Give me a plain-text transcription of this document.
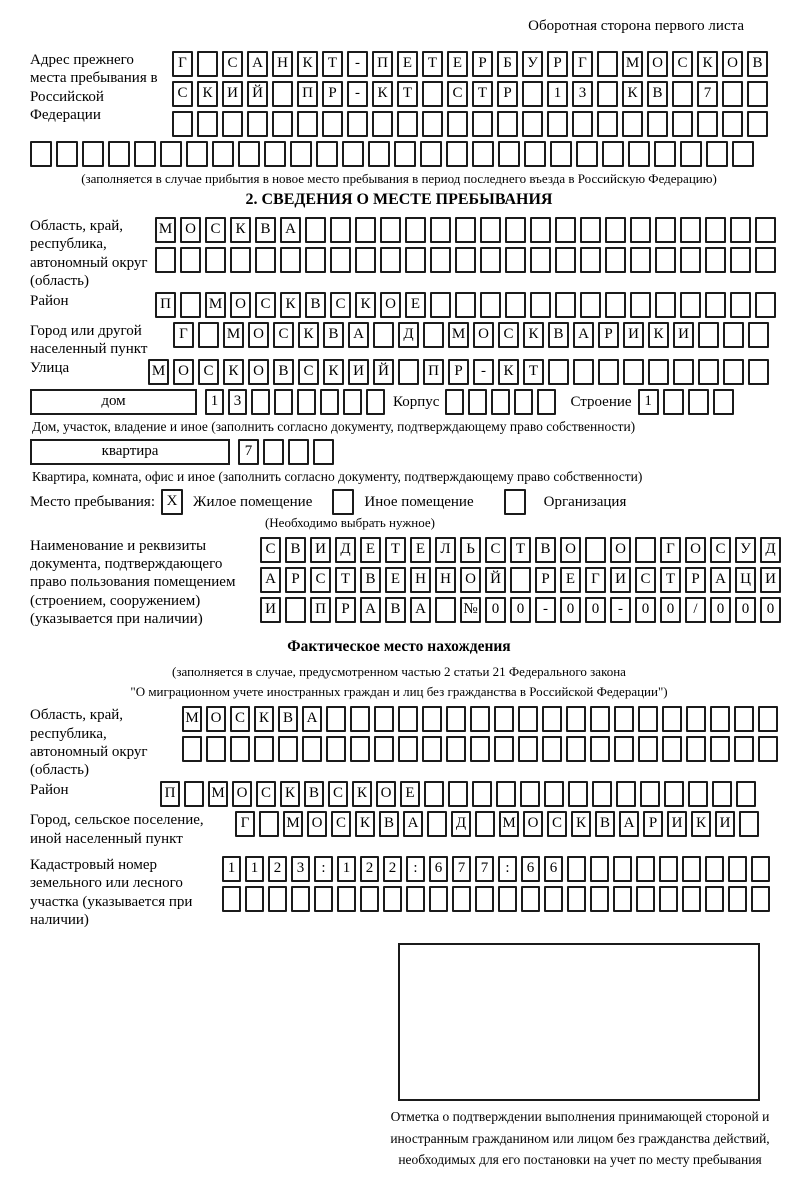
Оборотная сторона первого листа
Адрес прежнего места пребывания в Российской Федерации
Г	С А Н К	Т	-	П Е	Т	Е	Р	Б	У	Р	Г	М О С К О В
С К И Й	П	Р	-	К	Т	С	Т	Р	1	3	К В	7
(заполняется в случае прибытия в новое место пребывания в период последнего въезда в Российскую Федерацию)
2. СВЕДЕНИЯ О МЕСТЕ ПРЕБЫВАНИЯ
Область, край, республика, автономный округ (область)
М О С К В А
Район	П	М О С К В С К О Е
Город или другой населенный пункт
Г	М О С К В А	Д	М О С К В А	Р	И К И
Улица	М О С К О В С К И Й	П	Р	-	К	Т
дом	1	3	Корпус	Строение 1
Дом, участок, владение и иное (заполнить согласно документу, подтверждающему право собственности)
квартира	7
Квартира, комната, офис и иное (заполнить согласно документу, подтверждающему право собственности)
Место пребывания: X	Жилое помещение	Иное помещение	Организация
(Необходимо выбрать нужное)
Наименование и реквизиты документа, подтверждающего право пользования помещением (строением, сооружением) (указывается при наличии)
С В И Д	Е	Т	Е	Л	Ь	С	Т	В О	О	Г	О С У Д
А	Р	С	Т	В	Е	Н Н О Й	Р	Е	Г	И С	Т	Р	А Ц И
И	П	Р	А В А	№ 0	0	-	0	0	-	0	0	/	0	0	0
Фактическое место нахождения
(заполняется в случае, предусмотренном частью 2 статьи 21 Федерального закона
"О миграционном учете иностранных граждан и лиц без гражданства в Российской Федерации")
Область, край, республика, автономный округ (область)
М О С К В А
Район	П	М О С К В С К О Е
Город, сельское поселение, иной населенный пункт
Г	М О С К В А	Д	М О С К В А Р И К И
Кадастровый номер земельного или лесного участка (указывается при наличии)
1	1	2	3	:	1	2	2	:	6	7	7	:	6	6
Отметка о подтверждении выполнения принимающей стороной и иностранным гражданином или лицом без гражданства действий, необходимых для его постановки на учет по месту пребывания
